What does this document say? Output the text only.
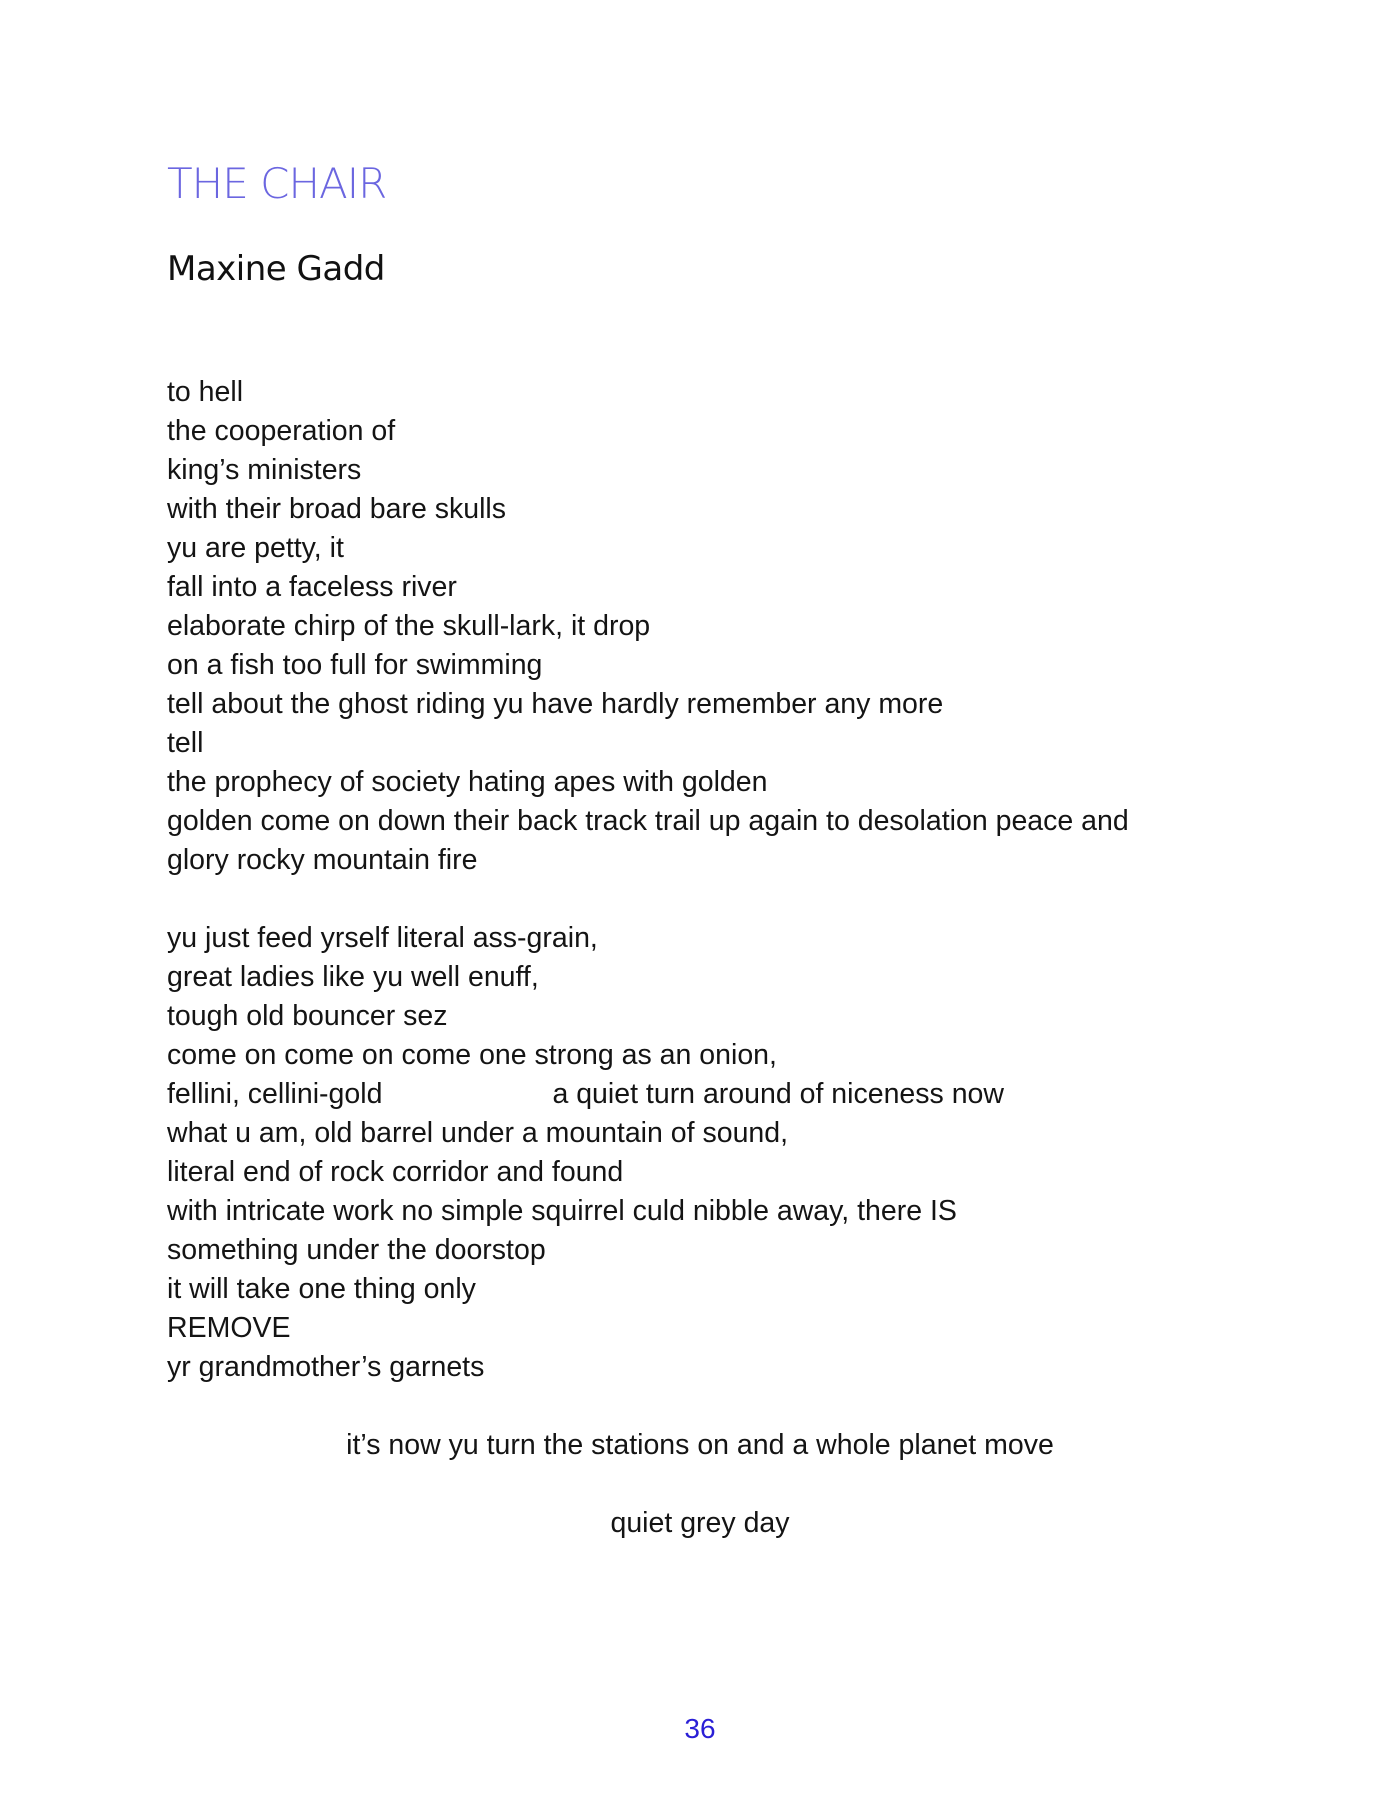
THE CHAIR
Maxine Gadd
to hell
the cooperation of
king’s ministers
with their broad bare skulls
yu are petty, it
fall into a faceless river
elaborate chirp of the skull-lark, it drop
on a fish too full for swimming
tell about the ghost riding yu have hardly remember any more
tell
the prophecy of society hating apes with golden
golden come on down their back track trail up again to desolation peace and
glory rocky mountain fire
yu just feed yrself literal ass-grain,
great ladies like yu well enuff,
tough old bouncer sez
come on come on come one strong as an onion,
fellini, cellini-gold	a quiet turn around of niceness now
what u am, old barrel under a mountain of sound,
literal end of rock corridor and found
with intricate work no simple squirrel culd nibble away, there IS
something under the doorstop
it will take one thing only
REMOVE
yr grandmother’s garnets

it’s now yu turn the stations on and a whole planet move

quiet grey day

36
